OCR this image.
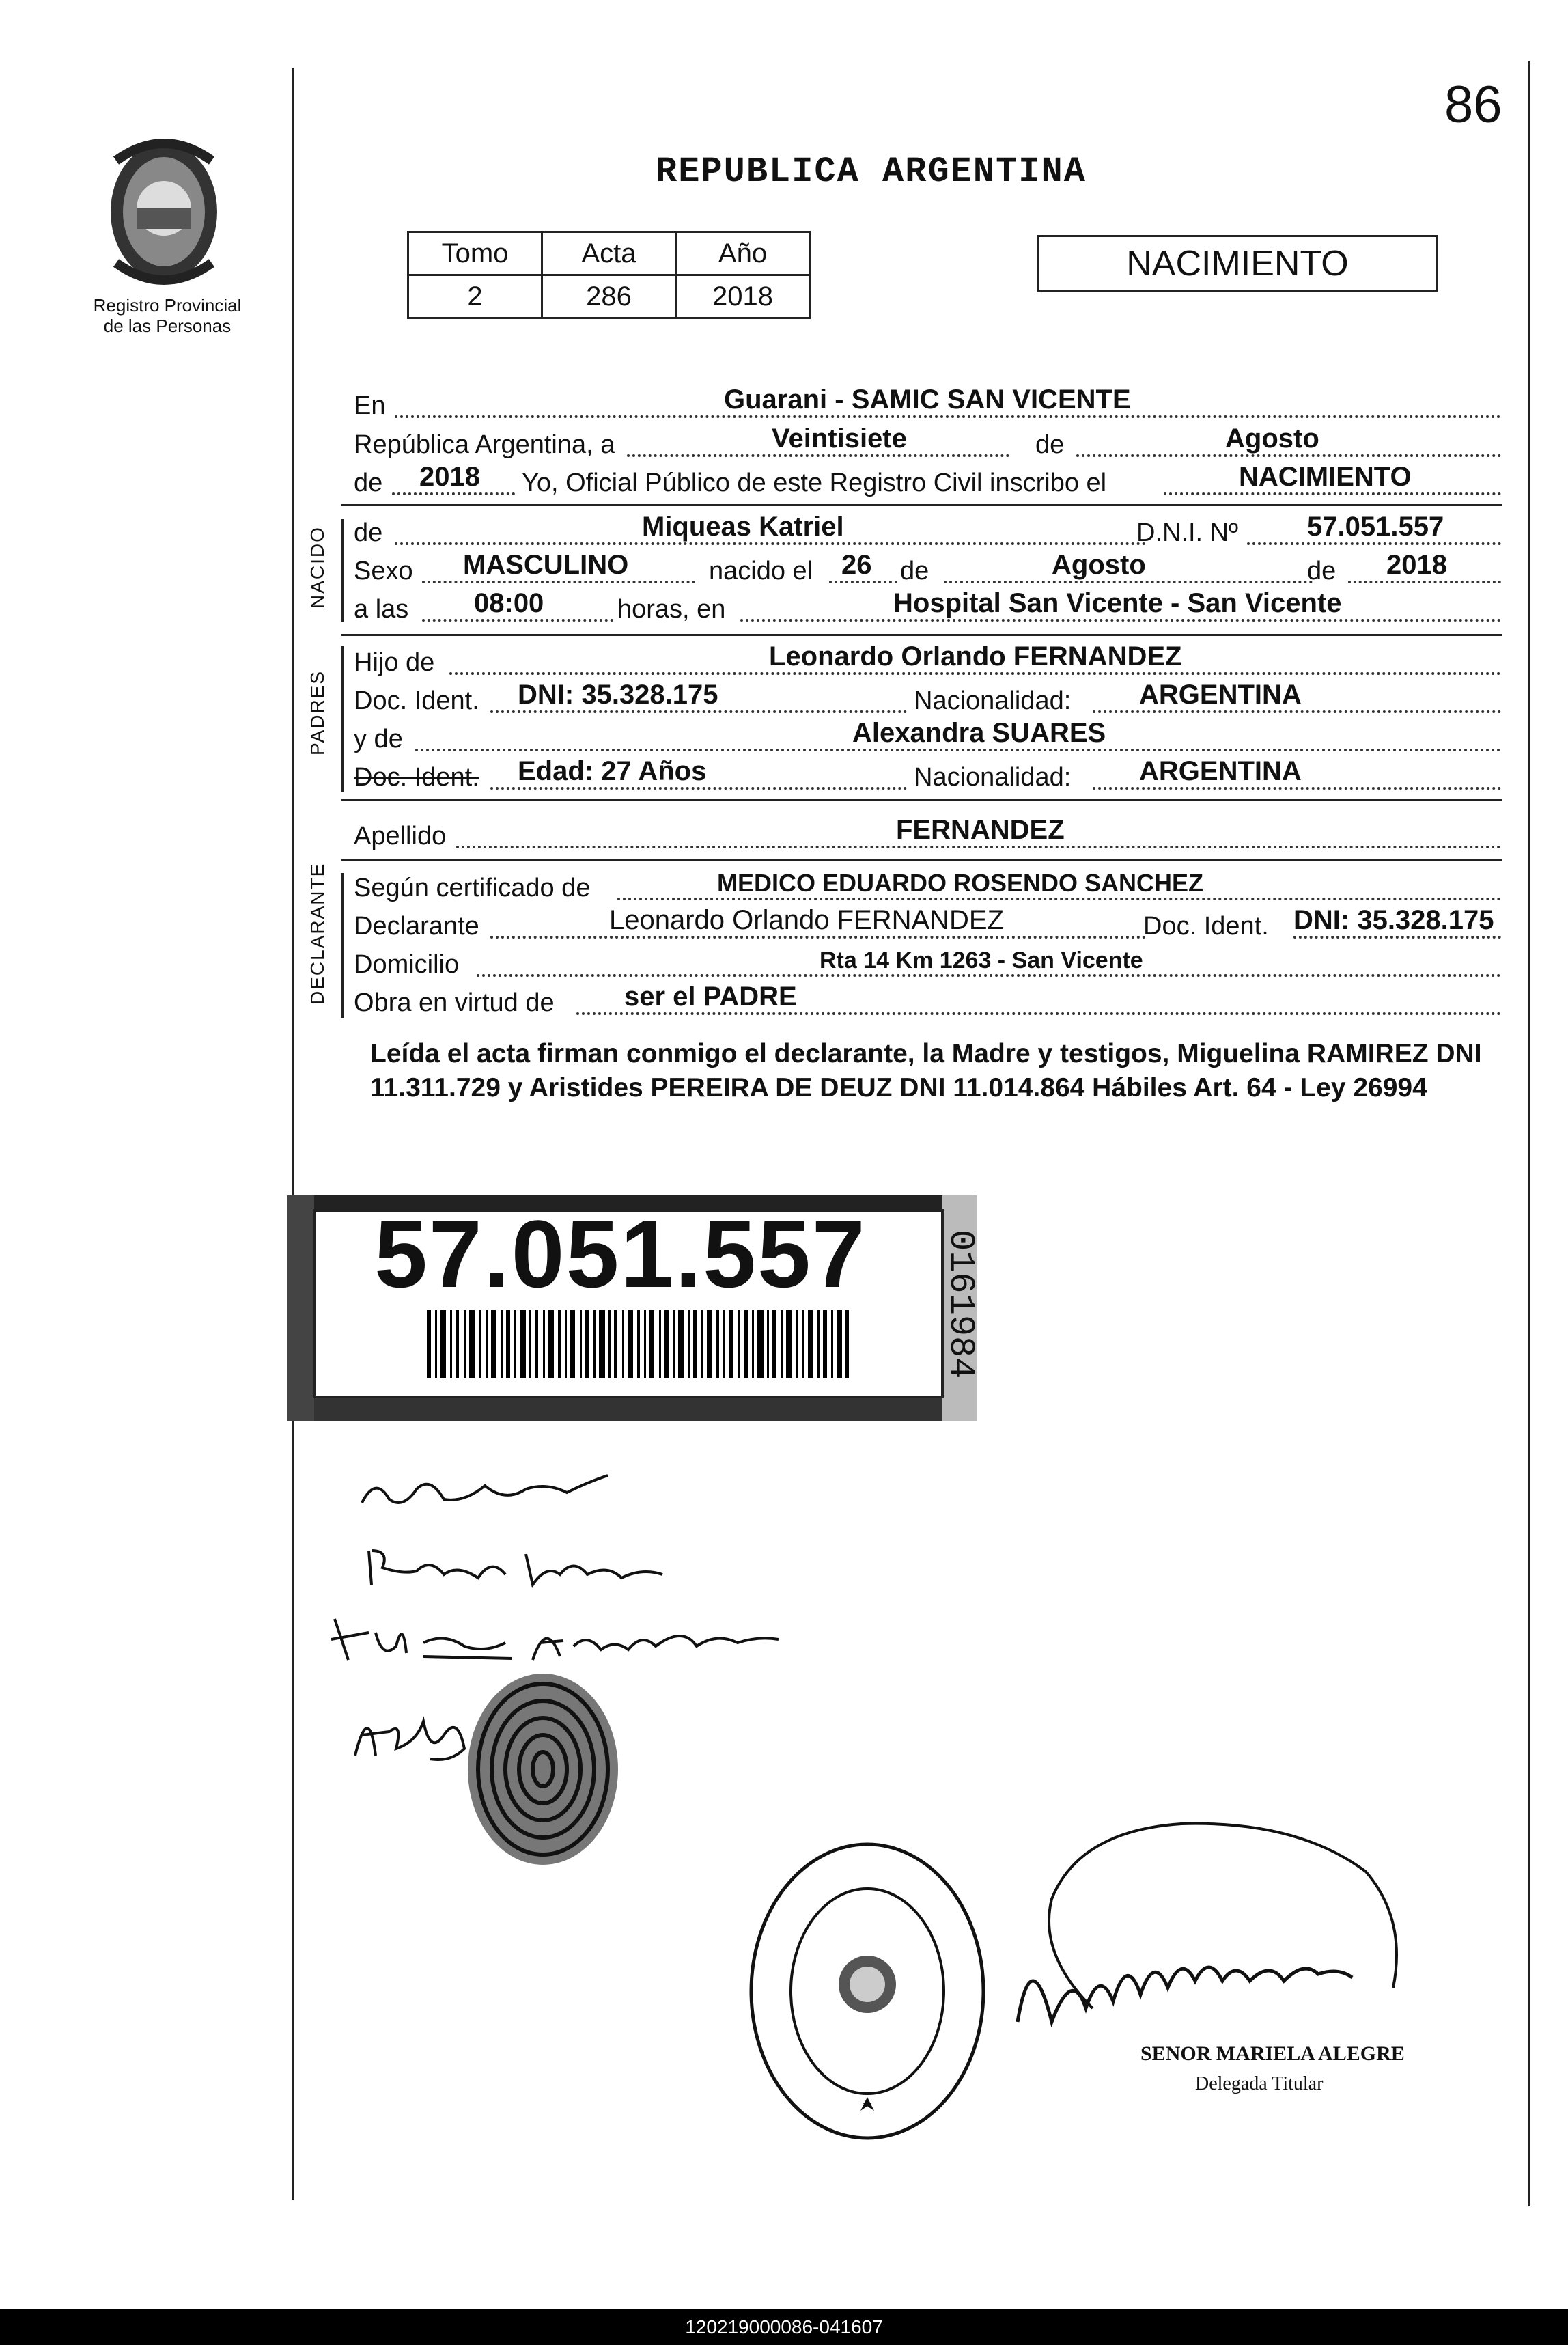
86
Registro Provincial
de las Personas
REPUBLICA ARGENTINA
Tomo	Acta	Año
2	286	2018
NACIMIENTO
En	Guarani - SAMIC SAN VICENTE
República Argentina, a	Veintisiete	de	Agosto
de 2018 Yo, Oficial Público de este Registro Civil inscribo el	NACIMIENTO
NACIDO de	Miqueas Katriel	D.N.I. Nº	57.051.557
Sexo MASCULINO	nacido el 26 de	Agosto	de 2018
a las 08:00	horas, en	Hospital San Vicente - San Vicente
PADRES
Hijo de	Leonardo Orlando FERNANDEZ
Doc. Ident. DNI: 35.328.175	Nacionalidad: ARGENTINA
y de	Alexandra SUARES
Doc. Ident. Edad: 27 Años	Nacionalidad: ARGENTINA
Apellido	FERNANDEZ
DECLARANTE Según certificado de	MEDICO EDUARDO ROSENDO SANCHEZ
Declarante	Leonardo Orlando FERNANDEZ	Doc. Ident. DNI: 35.328.175
Domicilio	Rta 14 Km 1263 - San Vicente
Obra en virtud de	ser el PADRE
Leída el acta firman conmigo el declarante, la Madre y testigos, Miguelina RAMIREZ DNI 11.311.729 y Aristides PEREIRA DE DEUZ DNI 11.014.864 Hábiles Art. 64 - Ley 26994
57.051.557 0161984
SENOR MARIELA ALEGRE
Delegada Titular
120219000086-041607
